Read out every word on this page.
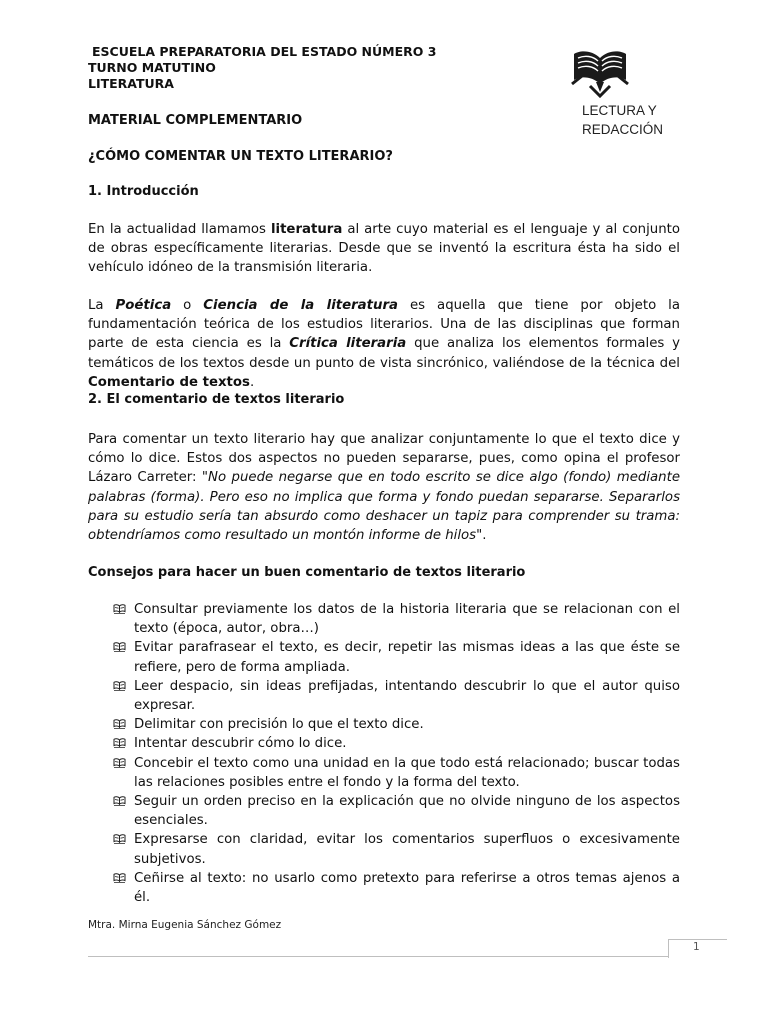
ESCUELA PREPARATORIA DEL ESTADO NÚMERO 3
TURNO MATUTINO
LITERATURA
LECTURA Y
REDACCIÓN
MATERIAL COMPLEMENTARIO
¿CÓMO COMENTAR UN TEXTO LITERARIO?
1. Introducción
En la actualidad llamamos literatura al arte cuyo material es el lenguaje y al conjunto de obras específicamente literarias. Desde que se inventó la escritura ésta ha sido el vehículo idóneo de la transmisión literaria.
La Poética o Ciencia de la literatura es aquella que tiene por objeto la fundamentación teórica de los estudios literarios. Una de las disciplinas que forman parte de esta ciencia es la Crítica literaria que analiza los elementos formales y temáticos de los textos desde un punto de vista sincrónico, valiéndose de la técnica del Comentario de textos.
2. El comentario de textos literario
Para comentar un texto literario hay que analizar conjuntamente lo que el texto dice y cómo lo dice. Estos dos aspectos no pueden separarse, pues, como opina el profesor Lázaro Carreter: "No puede negarse que en todo escrito se dice algo (fondo) mediante palabras (forma). Pero eso no implica que forma y fondo puedan separarse. Separarlos para su estudio sería tan absurdo como deshacer un tapiz para comprender su trama: obtendríamos como resultado un montón informe de hilos".
Consejos para hacer un buen comentario de textos literario
Consultar previamente los datos de la historia literaria que se relacionan con el texto (época, autor, obra…)
Evitar parafrasear el texto, es decir, repetir las mismas ideas a las que éste se refiere, pero de forma ampliada.
Leer despacio, sin ideas prefijadas, intentando descubrir lo que el autor quiso expresar.
Delimitar con precisión lo que el texto dice.
Intentar descubrir cómo lo dice.
Concebir el texto como una unidad en la que todo está relacionado; buscar todas las relaciones posibles entre el fondo y la forma del texto.
Seguir un orden preciso en la explicación que no olvide ninguno de los aspectos esenciales.
Expresarse con claridad, evitar los comentarios superfluos o excesivamente subjetivos.
Ceñirse al texto: no usarlo como pretexto para referirse a otros temas ajenos a él.
Mtra. Mirna Eugenia Sánchez Gómez
1
